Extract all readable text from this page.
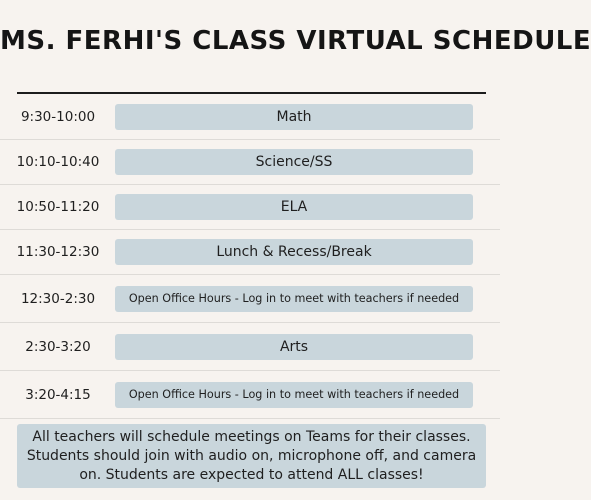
MS. FERHI'S CLASS VIRTUAL SCHEDULE
9:30-10:00	Math
10:10-10:40	Science/SS
10:50-11:20	ELA
11:30-12:30	Lunch & Recess/Break
12:30-2:30	Open Office Hours - Log in to meet with teachers if needed
2:30-3:20	Arts
3:20-4:15	Open Office Hours - Log in to meet with teachers if needed
All teachers will schedule meetings on Teams for their classes. Students should join with audio on, microphone off, and camera on. Students are expected to attend ALL classes!
